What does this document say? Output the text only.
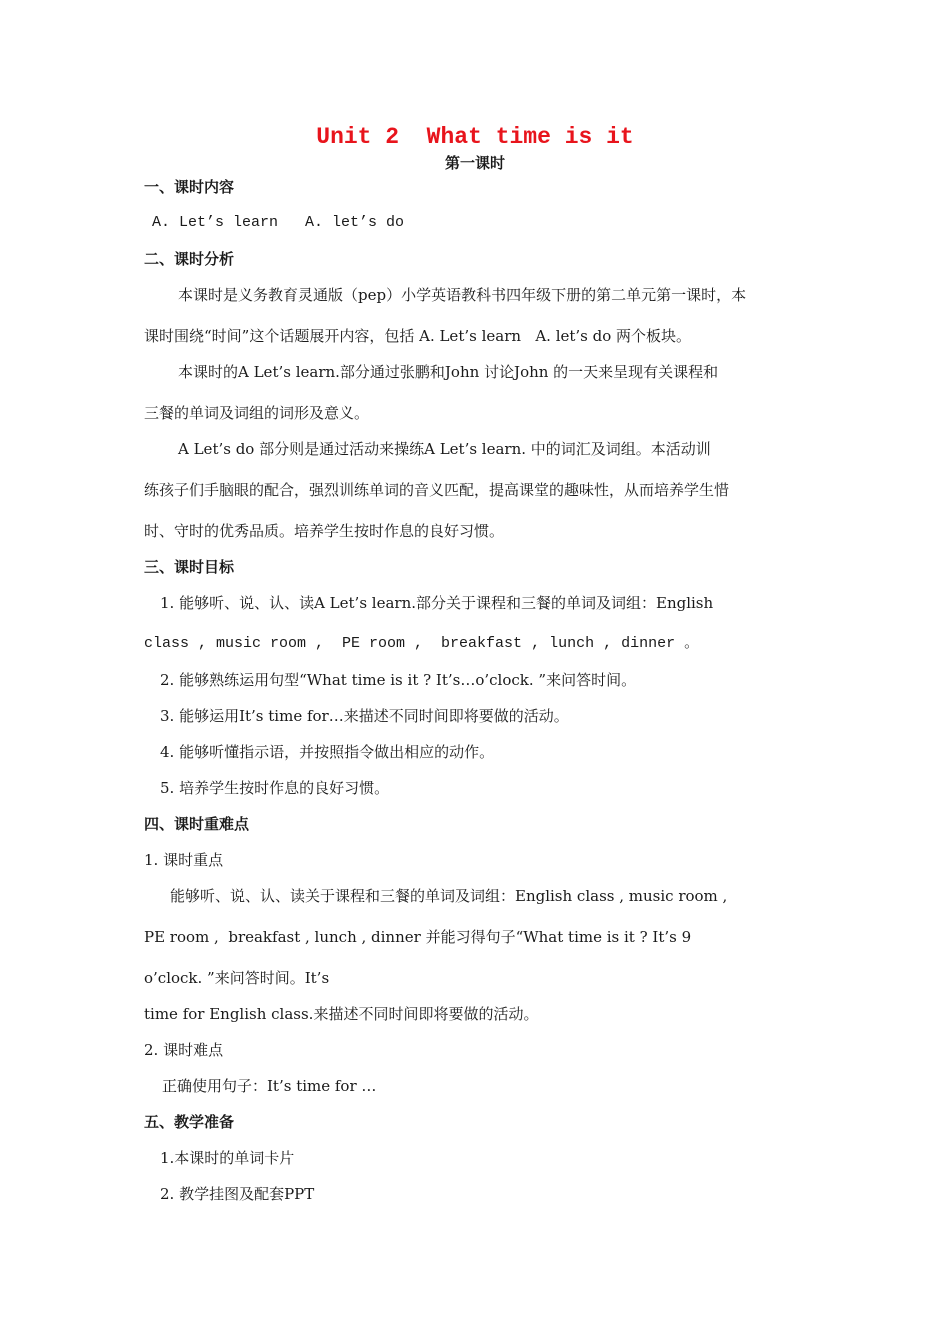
Unit 2  What time is it
第一课时
一、课时内容
A. Let’s learn   A. let’s do
二、课时分析
本课时是义务教育灵通版（pep）小学英语教科书四年级下册的第二单元第一课时，本
课时围绕“时间”这个话题展开内容，包括 A. Let’s learn   A. let’s do 两个板块。
本课时的A Let’s learn.部分通过张鹏和John 讨论John 的一天来呈现有关课程和
三餐的单词及词组的词形及意义。
A Let’s do 部分则是通过活动来操练A Let’s learn. 中的词汇及词组。本活动训
练孩子们手脑眼的配合，强烈训练单词的音义匹配，提高课堂的趣味性，从而培养学生惜
时、守时的优秀品质。培养学生按时作息的良好习惯。
三、课时目标
1. 能够听、说、认、读A Let’s learn.部分关于课程和三餐的单词及词组：English
class , music room ,  PE room ,  breakfast , lunch , dinner 。
2. 能够熟练运用句型“What time is it ? It’s…o’clock. ”来问答时间。
3. 能够运用It’s time for…来描述不同时间即将要做的活动。
4. 能够听懂指示语，并按照指令做出相应的动作。
5. 培养学生按时作息的良好习惯。
四、课时重难点
1. 课时重点
能够听、说、认、读关于课程和三餐的单词及词组：English class , music room ,
PE room ,  breakfast , lunch , dinner 并能习得句子“What time is it ? It’s 9
o’clock. ”来问答时间。It’s
time for English class.来描述不同时间即将要做的活动。
2. 课时难点
正确使用句子：It’s time for …
五、教学准备
1.本课时的单词卡片
2. 教学挂图及配套PPT
